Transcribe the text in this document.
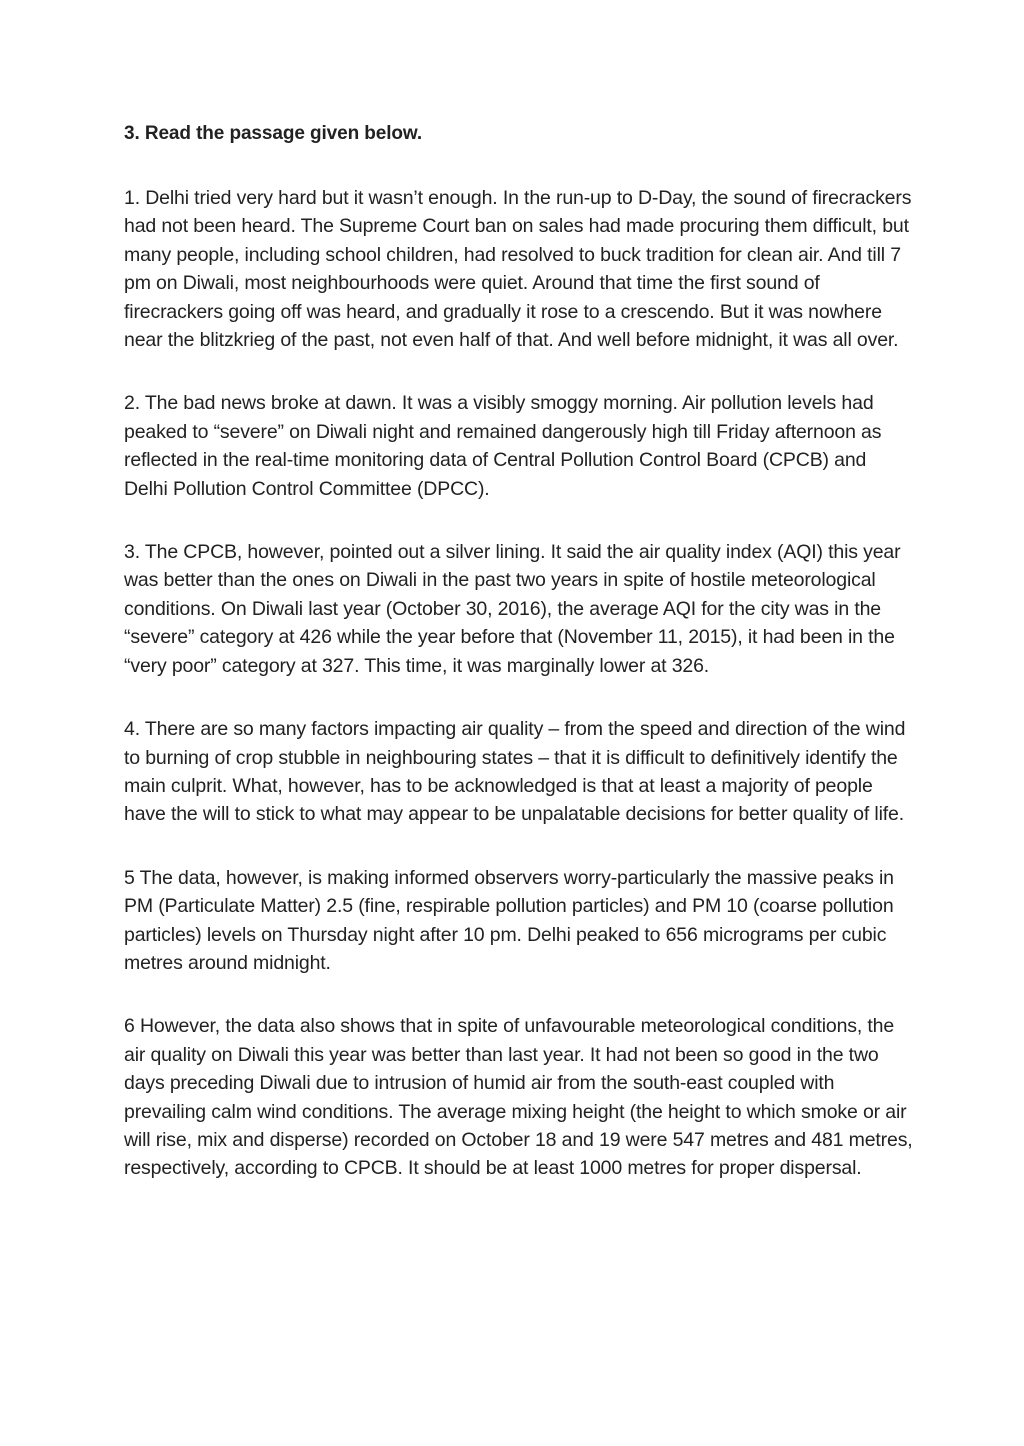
3. Read the passage given below.

1. Delhi tried very hard but it wasn’t enough. In the run-up to D-Day, the sound of firecrackers had not been heard. The Supreme Court ban on sales had made procuring them difficult, but many people, including school children, had resolved to buck tradition for clean air. And till 7 pm on Diwali, most neighbourhoods were quiet. Around that time the first sound of firecrackers going off was heard, and gradually it rose to a crescendo. But it was nowhere near the blitzkrieg of the past, not even half of that. And well before midnight, it was all over.

2. The bad news broke at dawn. It was a visibly smoggy morning. Air pollution levels had peaked to “severe” on Diwali night and remained dangerously high till Friday afternoon as reflected in the real-time monitoring data of Central Pollution Control Board (CPCB) and Delhi Pollution Control Committee (DPCC).

3. The CPCB, however, pointed out a silver lining. It said the air quality index (AQI) this year was better than the ones on Diwali in the past two years in spite of hostile meteorological conditions. On Diwali last year (October 30, 2016), the average AQI for the city was in the “severe” category at 426 while the year before that (November 11, 2015), it had been in the “very poor” category at 327. This time, it was marginally lower at 326.

4. There are so many factors impacting air quality – from the speed and direction of the wind to burning of crop stubble in neighbouring states – that it is difficult to definitively identify the main culprit. What, however, has to be acknowledged is that at least a majority of people have the will to stick to what may appear to be unpalatable decisions for better quality of life.

5 The data, however, is making informed observers worry-particularly the massive peaks in PM (Particulate Matter) 2.5 (fine, respirable pollution particles) and PM 10 (coarse pollution particles) levels on Thursday night after 10 pm. Delhi peaked to 656 micrograms per cubic metres around midnight.

6 However, the data also shows that in spite of unfavourable meteorological conditions, the air quality on Diwali this year was better than last year. It had not been so good in the two days preceding Diwali due to intrusion of humid air from the south-east coupled with prevailing calm wind conditions. The average mixing height (the height to which smoke or air will rise, mix and disperse) recorded on October 18 and 19 were 547 metres and 481 metres, respectively, according to CPCB. It should be at least 1000 metres for proper dispersal.
